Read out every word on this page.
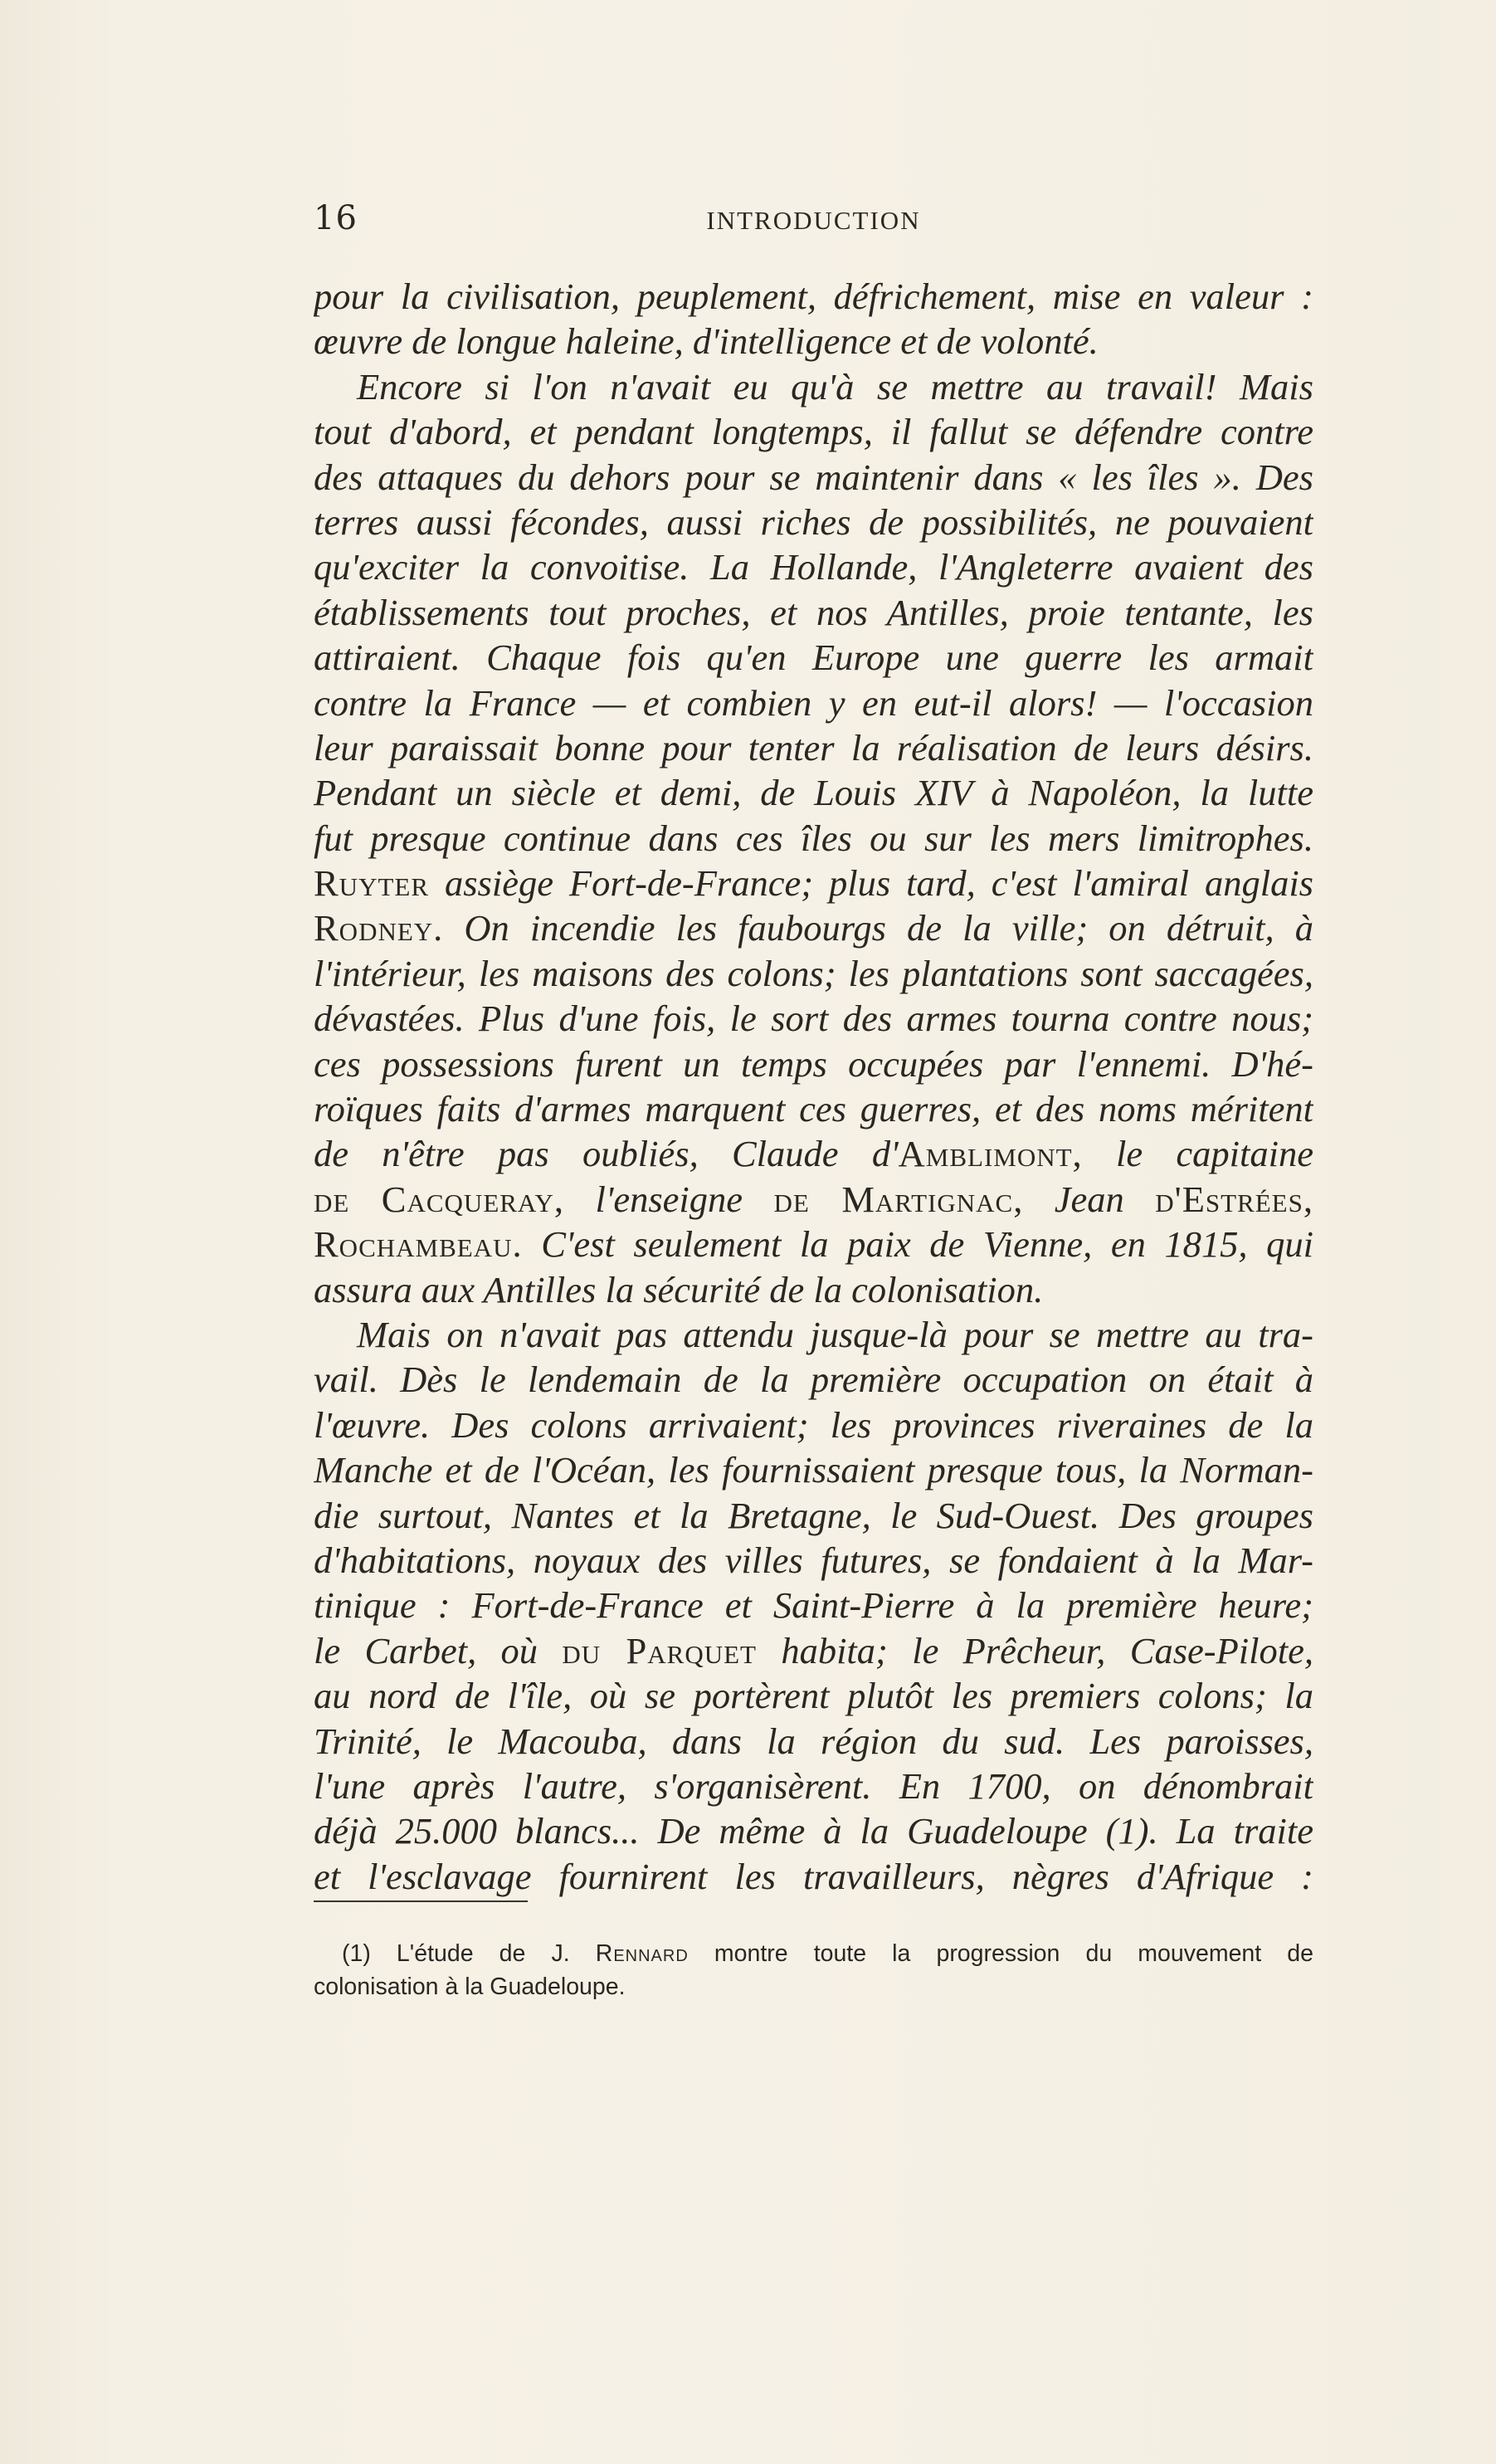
16	INTRODUCTION
pour la civilisation, peuplement, défrichement, mise en valeur :
œuvre de longue haleine, d'intelligence et de volonté.
Encore si l'on n'avait eu qu'à se mettre au travail! Mais
tout d'abord, et pendant longtemps, il fallut se défendre contre
des attaques du dehors pour se maintenir dans « les îles ». Des
terres aussi fécondes, aussi riches de possibilités, ne pouvaient
qu'exciter la convoitise. La Hollande, l'Angleterre avaient des
établissements tout proches, et nos Antilles, proie tentante, les
attiraient. Chaque fois qu'en Europe une guerre les armait
contre la France — et combien y en eut-il alors! — l'occasion
leur paraissait bonne pour tenter la réalisation de leurs désirs.
Pendant un siècle et demi, de Louis XIV à Napoléon, la lutte
fut presque continue dans ces îles ou sur les mers limitrophes.
Ruyter assiège Fort-de-France; plus tard, c'est l'amiral anglais
Rodney. On incendie les faubourgs de la ville; on détruit, à
l'intérieur, les maisons des colons; les plantations sont saccagées,
dévastées. Plus d'une fois, le sort des armes tourna contre nous;
ces possessions furent un temps occupées par l'ennemi. D'hé-
roïques faits d'armes marquent ces guerres, et des noms méritent
de n'être pas oubliés, Claude d'Amblimont, le capitaine
de Cacqueray, l'enseigne de Martignac, Jean d'Estrées,
Rochambeau. C'est seulement la paix de Vienne, en 1815, qui
assura aux Antilles la sécurité de la colonisation.
Mais on n'avait pas attendu jusque-là pour se mettre au tra-
vail. Dès le lendemain de la première occupation on était à
l'œuvre. Des colons arrivaient; les provinces riveraines de la
Manche et de l'Océan, les fournissaient presque tous, la Norman-
die surtout, Nantes et la Bretagne, le Sud-Ouest. Des groupes
d'habitations, noyaux des villes futures, se fondaient à la Mar-
tinique : Fort-de-France et Saint-Pierre à la première heure;
le Carbet, où du Parquet habita; le Prêcheur, Case-Pilote,
au nord de l'île, où se portèrent plutôt les premiers colons; la
Trinité, le Macouba, dans la région du sud. Les paroisses,
l'une après l'autre, s'organisèrent. En 1700, on dénombrait
déjà 25.000 blancs... De même à la Guadeloupe (1). La traite
et l'esclavage fournirent les travailleurs, nègres d'Afrique :
(1) L'étude de J. Rennard montre toute la progression du mouvement de
colonisation à la Guadeloupe.
